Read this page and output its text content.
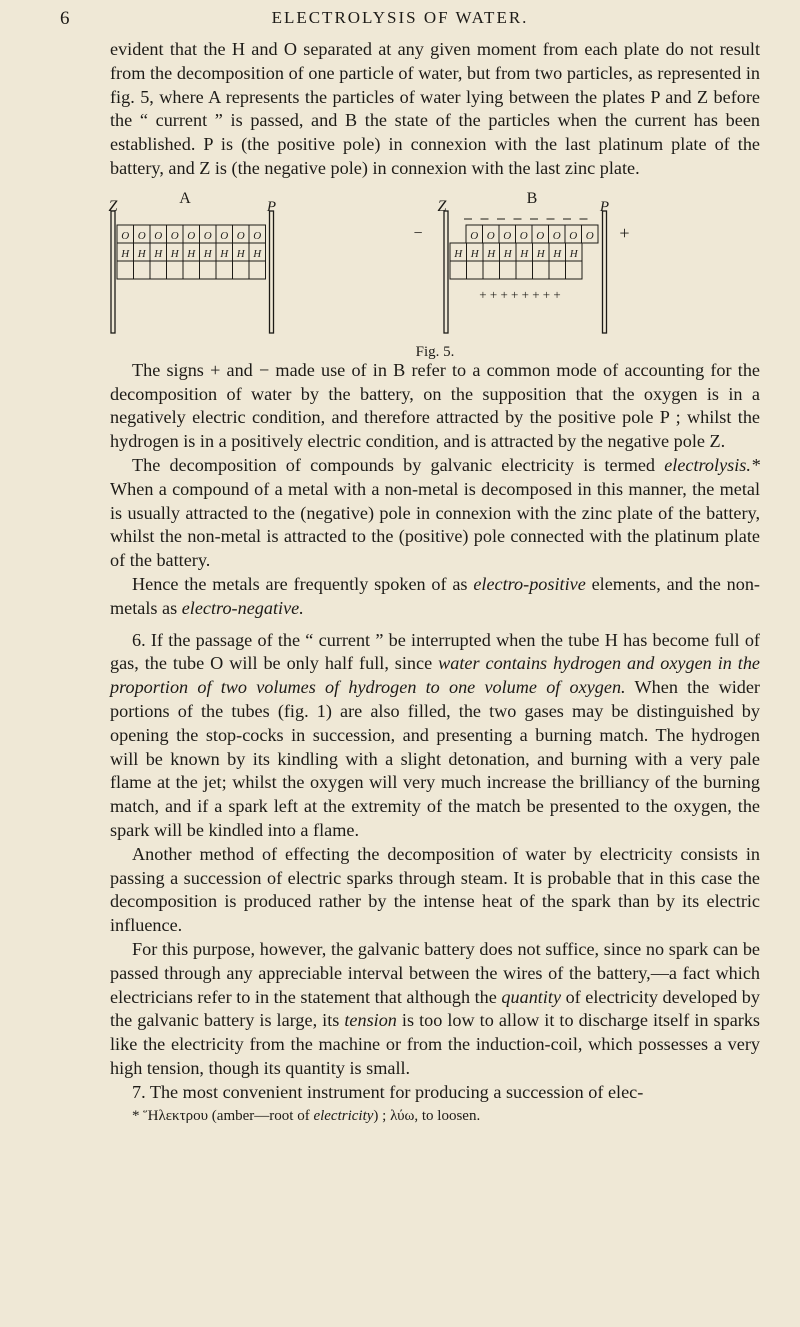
6	ELECTROLYSIS OF WATER.

evident that the H and O separated at any given moment from each plate do not result from the decomposition of one particle of water, but from two particles, as represented in fig. 5, where A represents the particles of water lying between the plates P and Z before the “ current ” is passed, and B the state of the particles when the current has been established. P is (the positive pole) in connexion with the last platinum plate of the battery, and Z is (the negative pole) in connexion with the last zinc plate.

Z	A	P
O
H
O
H
O
H
O
H
O
H
O
H
O
H
O
H
O
H
Z	B	P
−	+
O
H
O
H
O
H
O
H
O
H
O
H
O
H
O
H
+ + + + + + + +
Fig. 5.

The signs + and − made use of in B refer to a common mode of accounting for the decomposition of water by the battery, on the supposition that the oxygen is in a negatively electric condition, and therefore attracted by the positive pole P ; whilst the hydrogen is in a positively electric condition, and is attracted by the negative pole Z.

The decomposition of compounds by galvanic electricity is termed electrolysis.* When a compound of a metal with a non-metal is decomposed in this manner, the metal is usually attracted to the (negative) pole in connexion with the zinc plate of the battery, whilst the non-metal is attracted to the (positive) pole connected with the platinum plate of the battery.

Hence the metals are frequently spoken of as electro-positive elements, and the non-metals as electro-negative.

6. If the passage of the “ current ” be interrupted when the tube H has become full of gas, the tube O will be only half full, since water contains hydrogen and oxygen in the proportion of two volumes of hydrogen to one volume of oxygen. When the wider portions of the tubes (fig. 1) are also filled, the two gases may be distinguished by opening the stop-cocks in succession, and presenting a burning match. The hydrogen will be known by its kindling with a slight detonation, and burning with a very pale flame at the jet; whilst the oxygen will very much increase the brilliancy of the burning match, and if a spark left at the extremity of the match be presented to the oxygen, the spark will be kindled into a flame.

Another method of effecting the decomposition of water by electricity consists in passing a succession of electric sparks through steam. It is probable that in this case the decomposition is produced rather by the intense heat of the spark than by its electric influence.

For this purpose, however, the galvanic battery does not suffice, since no spark can be passed through any appreciable interval between the wires of the battery,—a fact which electricians refer to in the statement that although the quantity of electricity developed by the galvanic battery is large, its tension is too low to allow it to discharge itself in sparks like the electricity from the machine or from the induction-coil, which possesses a very high tension, though its quantity is small.

7. The most convenient instrument for producing a succession of elec-

* Ἥλεκτρου (amber—root of electricity) ; λύω, to loosen.
